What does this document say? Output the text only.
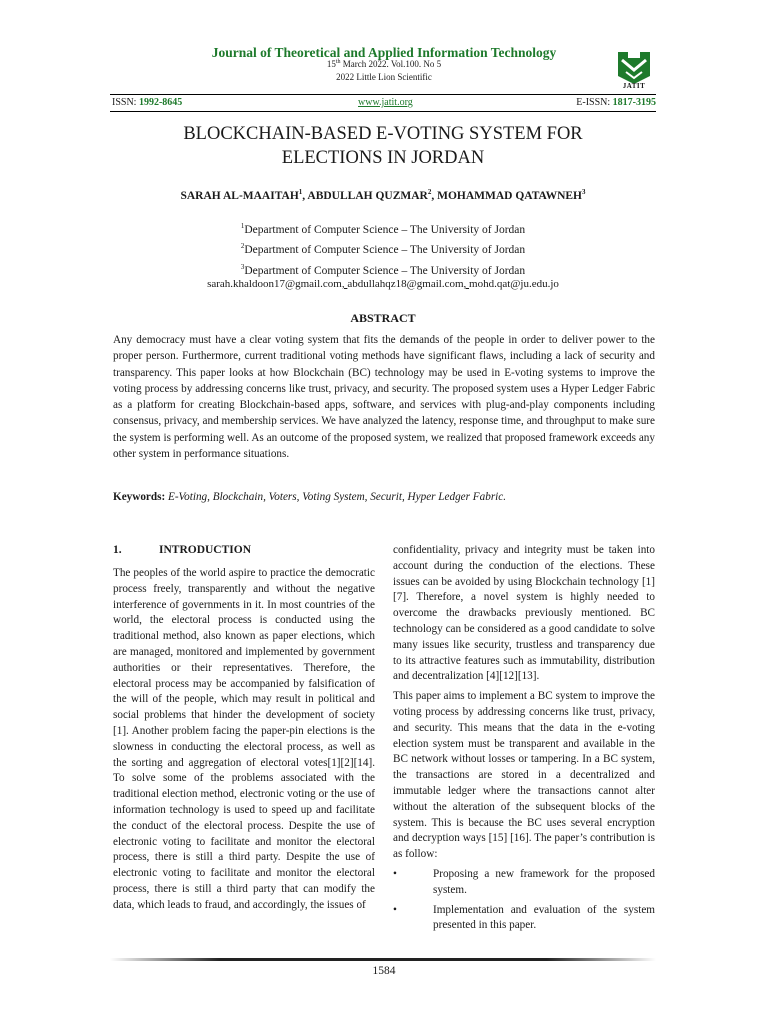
Journal of Theoretical and Applied Information Technology
15th March 2022. Vol.100. No 5
2022 Little Lion Scientific
JATIT
ISSN: 1992-8645	www.jatit.org	E-ISSN: 1817-3195
BLOCKCHAIN-BASED E-VOTING SYSTEM FOR
ELECTIONS IN JORDAN
SARAH AL-MAAITAH$^1$, ABDULLAH QUZMAR$^2$, MOHAMMAD QATAWNEH$^3$
$^1$Department of Computer Science – The University of Jordan
$^2$Department of Computer Science – The University of Jordan
$^3$Department of Computer Science – The University of Jordan
sarah.khaldoon17@gmail.com, abdullahqz18@gmail.com, mohd.qat@ju.edu.jo
ABSTRACT

Any democracy must have a clear voting system that fits the demands of the people in order to deliver power to the proper person. Furthermore, current traditional voting methods have significant flaws, including a lack of security and transparency. This paper looks at how Blockchain (BC) technology may be used in E-voting systems to improve the voting process by addressing concerns like trust, privacy, and security. The proposed system uses a Hyper Ledger Fabric as a platform for creating Blockchain-based apps, software, and services with plug-and-play components including consensus, privacy, and membership services. We have analyzed the latency, response time, and throughput to make sure the system is performing well. As an outcome of the proposed system, we realized that proposed framework exceeds any other system in performance situations.

Keywords: E-Voting, Blockchain, Voters, Voting System, Securit, Hyper Ledger Fabric.
1.	INTRODUCTION

The peoples of the world aspire to practice the democratic process freely, transparently and without the negative interference of governments in it. In most countries of the world, the electoral process is conducted using the traditional method, also known as paper elections, which are managed, monitored and implemented by government authorities or their representatives. Therefore, the electoral process may be accompanied by falsification of the will of the people, which may result in political and social problems that hinder the development of society [1]. Another problem facing the paper-pin elections is the slowness in conducting the electoral process, as well as the sorting and aggregation of electoral votes[1][2][14]. To solve some of the problems associated with the traditional election method, electronic voting or the use of information technology is used to speed up and facilitate the conduct of the electoral process. Despite the use of electronic voting to facilitate and monitor the electoral process, there is still a third party. Despite the use of electronic voting to facilitate and monitor the electoral process, there is still a third party that can modify the data, which leads to fraud, and accordingly, the issues of

confidentiality, privacy and integrity must be taken into account during the conduction of the elections. These issues can be avoided by using Blockchain technology [1] [7]. Therefore, a novel system is highly needed to overcome the drawbacks previously mentioned. BC technology can be considered as a good candidate to solve many issues like security, trustless and transparency due to its attractive features such as immutability, distribution and decentralization [4][12][13].

This paper aims to implement a BC system to improve the voting process by addressing concerns like trust, privacy, and security. This means that the data in the e-voting election system must be transparent and available in the BC network without losses or tampering. In a BC system, the transactions are stored in a decentralized and immutable ledger where the transactions cannot alter without the alteration of the subsequent blocks of the system. This is because the BC uses several encryption and decryption ways [15] [16]. The paper’s contribution is as follow:

•	Proposing a new framework for the proposed system.
•	Implementation and evaluation of the system presented in this paper.
1584
